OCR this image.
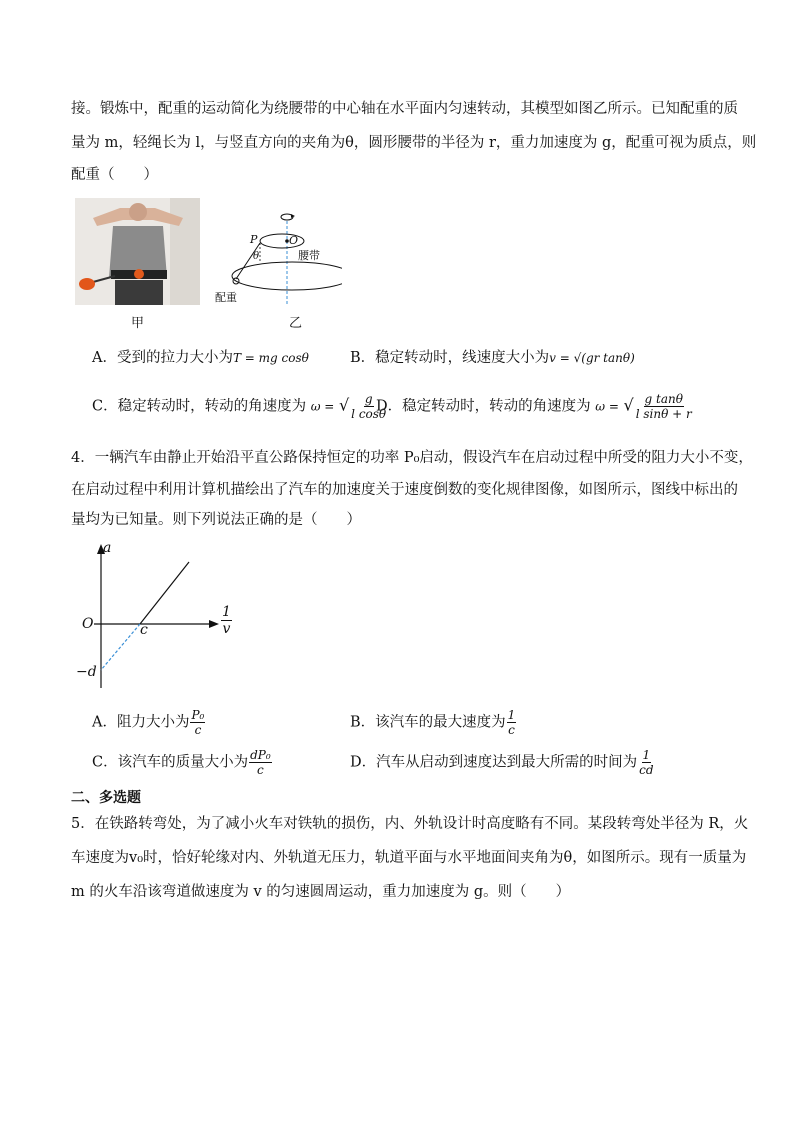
接。锻炼中，配重的运动简化为绕腰带的中心轴在水平面内匀速转动，其模型如图乙所示。已知配重的质
量为 m，轻绳长为 l，与竖直方向的夹角为θ，圆形腰带的半径为 r，重力加速度为 g，配重可视为质点，则
配重（　　）
甲
P	O
θ	腰带
配重
乙
A．受到的拉力大小为T = mg cosθ	B．稳定转动时，线速度大小为v = √(gr tanθ)
C．稳定转动时，转动的角速度为 ω = √ $\frac{g}{\text{l cosθ}}$
D．稳定转动时，转动的角速度为 ω = √ $\frac{\text{g tanθ}}{\text{l sinθ + r}}$
4．一辆汽车由静止开始沿平直公路保持恒定的功率 P₀启动，假设汽车在启动过程中所受的阻力大小不变，
在启动过程中利用计算机描绘出了汽车的加速度关于速度倒数的变化规律图像，如图所示，图线中标出的
量均为已知量。则下列说法正确的是（　　）
a
O	c
−d
$\frac{1}{v}$
A．阻力大小为 $\frac{\text{P₀}}{c}$	B．该汽车的最大速度为 $\frac{1}{c}$
C．该汽车的质量大小为 $\frac{\text{dP₀}}{c}$	D．汽车从启动到速度达到最大所需的时间为 $\frac{1}{cd}$
二、多选题
5．在铁路转弯处，为了减小火车对铁轨的损伤，内、外轨设计时高度略有不同。某段转弯处半径为 R，火
车速度为v₀时，恰好轮缘对内、外轨道无压力，轨道平面与水平地面间夹角为θ，如图所示。现有一质量为
m 的火车沿该弯道做速度为 v 的匀速圆周运动，重力加速度为 g。则（　　）
